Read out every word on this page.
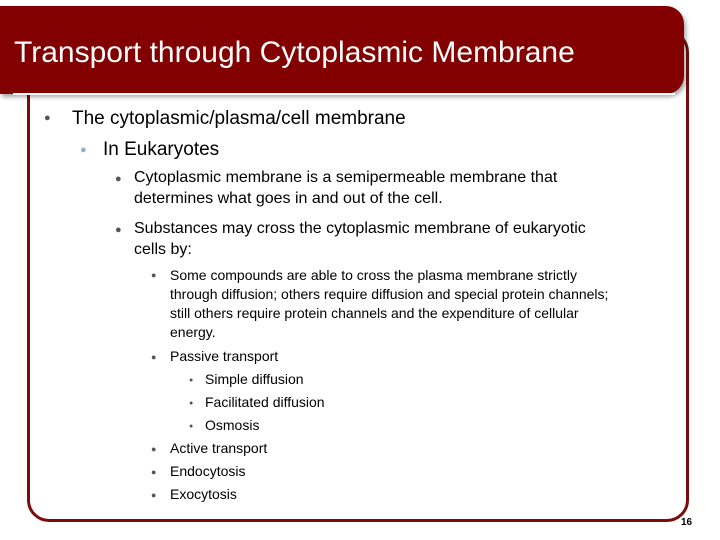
Transport through Cytoplasmic Membrane
● The cytoplasmic/plasma/cell membrane
● In Eukaryotes
● Cytoplasmic membrane is a semipermeable membrane that
determines what goes in and out of the cell.
● Substances may cross the cytoplasmic membrane of eukaryotic
cells by:
● Some compounds are able to cross the plasma membrane strictly
through diffusion; others require diffusion and special protein channels;
still others require protein channels and the expenditure of cellular
energy.
● Passive transport
● Simple diffusion
● Facilitated diffusion
● Osmosis
● Active transport
● Endocytosis
● Exocytosis
16
